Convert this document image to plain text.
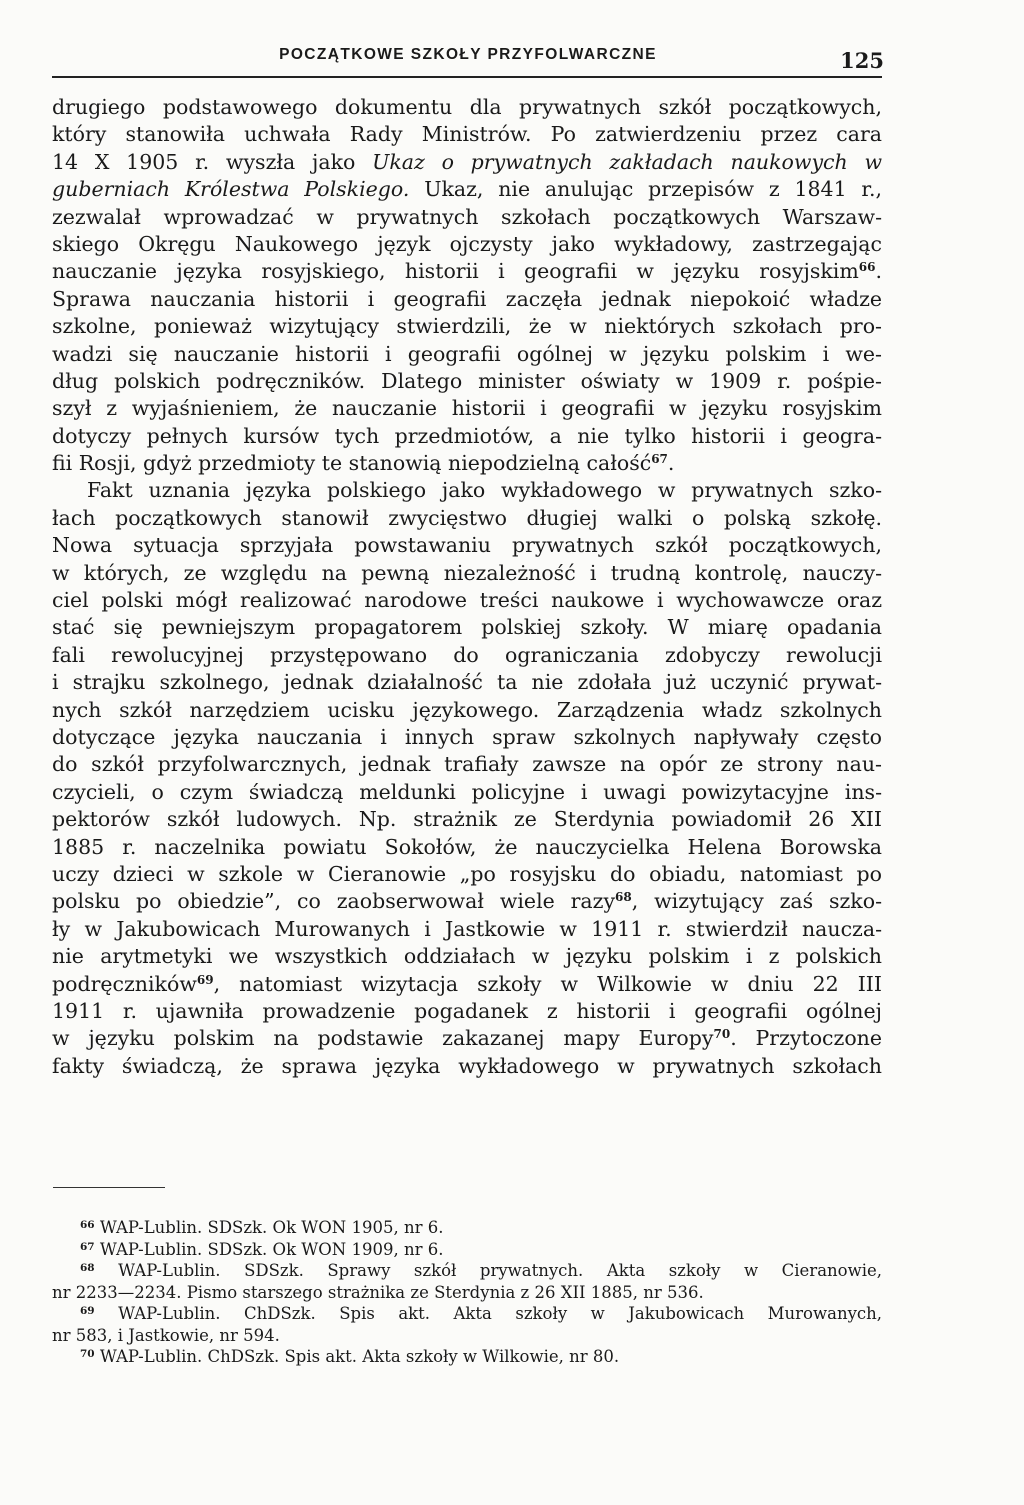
POCZĄTKOWE SZKOŁY PRZYFOLWARCZNE	125
drugiego podstawowego dokumentu dla prywatnych szkół początkowych,
który stanowiła uchwała Rady Ministrów. Po zatwierdzeniu przez cara
14 X 1905 r. wyszła jako Ukaz o prywatnych zakładach naukowych w
guberniach Królestwa Polskiego. Ukaz, nie anulując przepisów z 1841 r.,
zezwalał wprowadzać w prywatnych szkołach początkowych Warszaw-
skiego Okręgu Naukowego język ojczysty jako wykładowy, zastrzegając
nauczanie języka rosyjskiego, historii i geografii w języku rosyjskim$^{66}$.
Sprawa nauczania historii i geografii zaczęła jednak niepokoić władze
szkolne, ponieważ wizytujący stwierdzili, że w niektórych szkołach pro-
wadzi się nauczanie historii i geografii ogólnej w języku polskim i we-
dług polskich podręczników. Dlatego minister oświaty w 1909 r. pośpie-
szył z wyjaśnieniem, że nauczanie historii i geografii w języku rosyjskim
dotyczy pełnych kursów tych przedmiotów, a nie tylko historii i geogra-
fii Rosji, gdyż przedmioty te stanowią niepodzielną całość$^{67}$.
Fakt uznania języka polskiego jako wykładowego w prywatnych szko-
łach początkowych stanowił zwycięstwo długiej walki o polską szkołę.
Nowa sytuacja sprzyjała powstawaniu prywatnych szkół początkowych,
w których, ze względu na pewną niezależność i trudną kontrolę, nauczy-
ciel polski mógł realizować narodowe treści naukowe i wychowawcze oraz
stać się pewniejszym propagatorem polskiej szkoły. W miarę opadania
fali rewolucyjnej przystępowano do ograniczania zdobyczy rewolucji
i strajku szkolnego, jednak działalność ta nie zdołała już uczynić prywat-
nych szkół narzędziem ucisku językowego. Zarządzenia władz szkolnych
dotyczące języka nauczania i innych spraw szkolnych napływały często
do szkół przyfolwarcznych, jednak trafiały zawsze na opór ze strony nau-
czycieli, o czym świadczą meldunki policyjne i uwagi powizytacyjne ins-
pektorów szkół ludowych. Np. strażnik ze Sterdynia powiadomił 26 XII
1885 r. naczelnika powiatu Sokołów, że nauczycielka Helena Borowska
uczy dzieci w szkole w Cieranowie „po rosyjsku do obiadu, natomiast po
polsku po obiedzie”, co zaobserwował wiele razy$^{68}$, wizytujący zaś szko-
ły w Jakubowicach Murowanych i Jastkowie w 1911 r. stwierdził naucza-
nie arytmetyki we wszystkich oddziałach w języku polskim i z polskich
podręczników$^{69}$, natomiast wizytacja szkoły w Wilkowie w dniu 22 III
1911 r. ujawniła prowadzenie pogadanek z historii i geografii ogólnej
w języku polskim na podstawie zakazanej mapy Europy$^{70}$. Przytoczone
fakty świadczą, że sprawa języka wykładowego w prywatnych szkołach
$^{66}$ WAP-Lublin. SDSzk. Ok WON 1905, nr 6.
$^{67}$ WAP-Lublin. SDSzk. Ok WON 1909, nr 6.
$^{68}$ WAP-Lublin. SDSzk. Sprawy szkół prywatnych. Akta szkoły w Cieranowie,
nr 2233—2234. Pismo starszego strażnika ze Sterdynia z 26 XII 1885, nr 536.
$^{69}$ WAP-Lublin. ChDSzk. Spis akt. Akta szkoły w Jakubowicach Murowanych,
nr 583, i Jastkowie, nr 594.
$^{70}$ WAP-Lublin. ChDSzk. Spis akt. Akta szkoły w Wilkowie, nr 80.
